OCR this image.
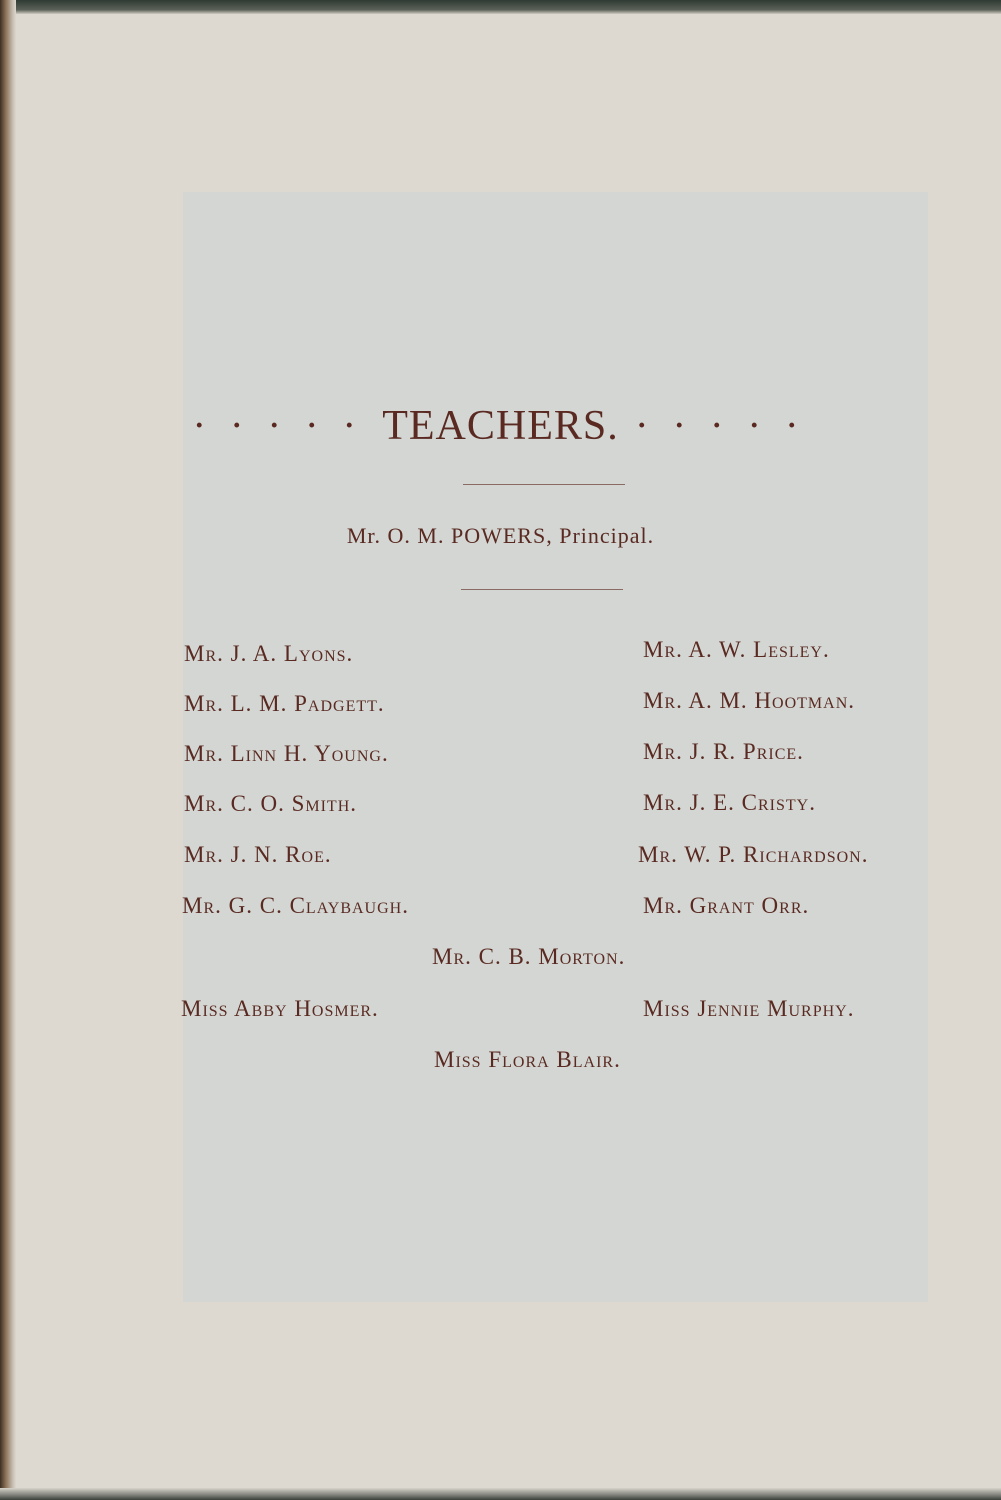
· · · · · TEACHERS. · · · · ·
Mr. O. M. POWERS, Principal.
Mr. J. A. Lyons.
Mr. L. M. Padgett.
Mr. Linn H. Young.
Mr. C. O. Smith.
Mr. J. N. Roe.
Mr. G. C. Claybaugh.
Mr. A. W. Lesley.
Mr. A. M. Hootman.
Mr. J. R. Price.
Mr. J. E. Cristy.
Mr. W. P. Richardson.
Mr. Grant Orr.
Mr. C. B. Morton.
Miss Abby Hosmer.	Miss Jennie Murphy.
Miss Flora Blair.
